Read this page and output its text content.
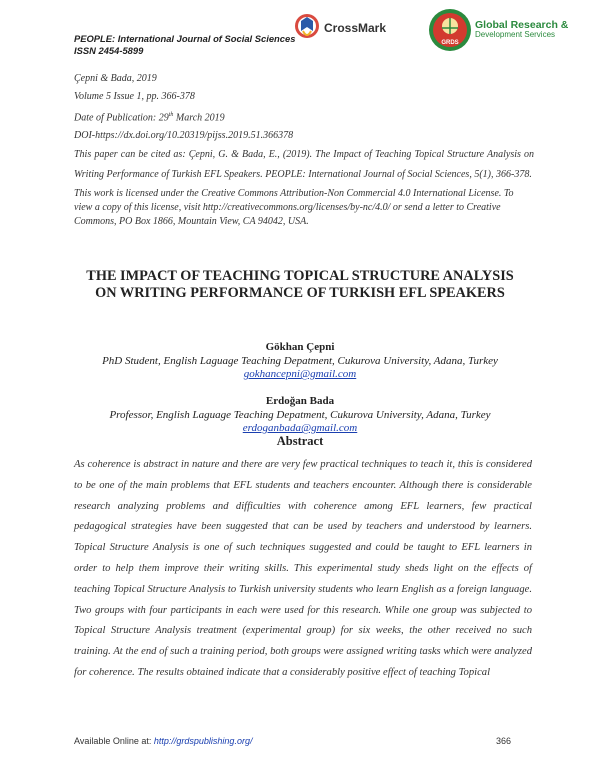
PEOPLE: International Journal of Social Sciences
ISSN 2454-5899
CrossMark
GRDS
Global Research &
Development Services

Çepni & Bada, 2019

Volume 5 Issue 1, pp. 366-378

Date of Publication: 29th March 2019

DOI-https://dx.doi.org/10.20319/pijss.2019.51.366378

This paper can be cited as: Çepni, G. & Bada, E., (2019). The Impact of Teaching Topical Structure Analysis on Writing Performance of Turkish EFL Speakers. PEOPLE: International Journal of Social Sciences, 5(1), 366-378.

This work is licensed under the Creative Commons Attribution-Non Commercial 4.0 International License. To view a copy of this license, visit http://creativecommons.org/licenses/by-nc/4.0/ or send a letter to Creative Commons, PO Box 1866, Mountain View, CA 94042, USA.

THE IMPACT OF TEACHING TOPICAL STRUCTURE ANALYSIS ON WRITING PERFORMANCE OF TURKISH EFL SPEAKERS
Gökhan Çepni
PhD Student, English Laguage Teaching Depatment, Cukurova University, Adana, Turkey
gokhancepni@gmail.com
Erdoğan Bada
Professor, English Laguage Teaching Depatment, Cukurova University, Adana, Turkey
erdoganbada@gmail.com
Abstract
As coherence is abstract in nature and there are very few practical techniques to teach it, this is considered to be one of the main problems that EFL students and teachers encounter. Although there is considerable research analyzing problems and difficulties with coherence among EFL learners, few practical pedagogical strategies have been suggested that can be used by teachers and understood by learners. Topical Structure Analysis is one of such techniques suggested and could be taught to EFL learners in order to help them improve their writing skills. This experimental study sheds light on the effects of teaching Topical Structure Analysis to Turkish university students who learn English as a foreign language. Two groups with four participants in each were used for this research. While one group was subjected to Topical Structure Analysis treatment (experimental group) for six weeks, the other received no such training. At the end of such a training period, both groups were assigned writing tasks which were analyzed for coherence. The results obtained indicate that a considerably positive effect of teaching Topical
Available Online at: http://grdspublishing.org/	366
